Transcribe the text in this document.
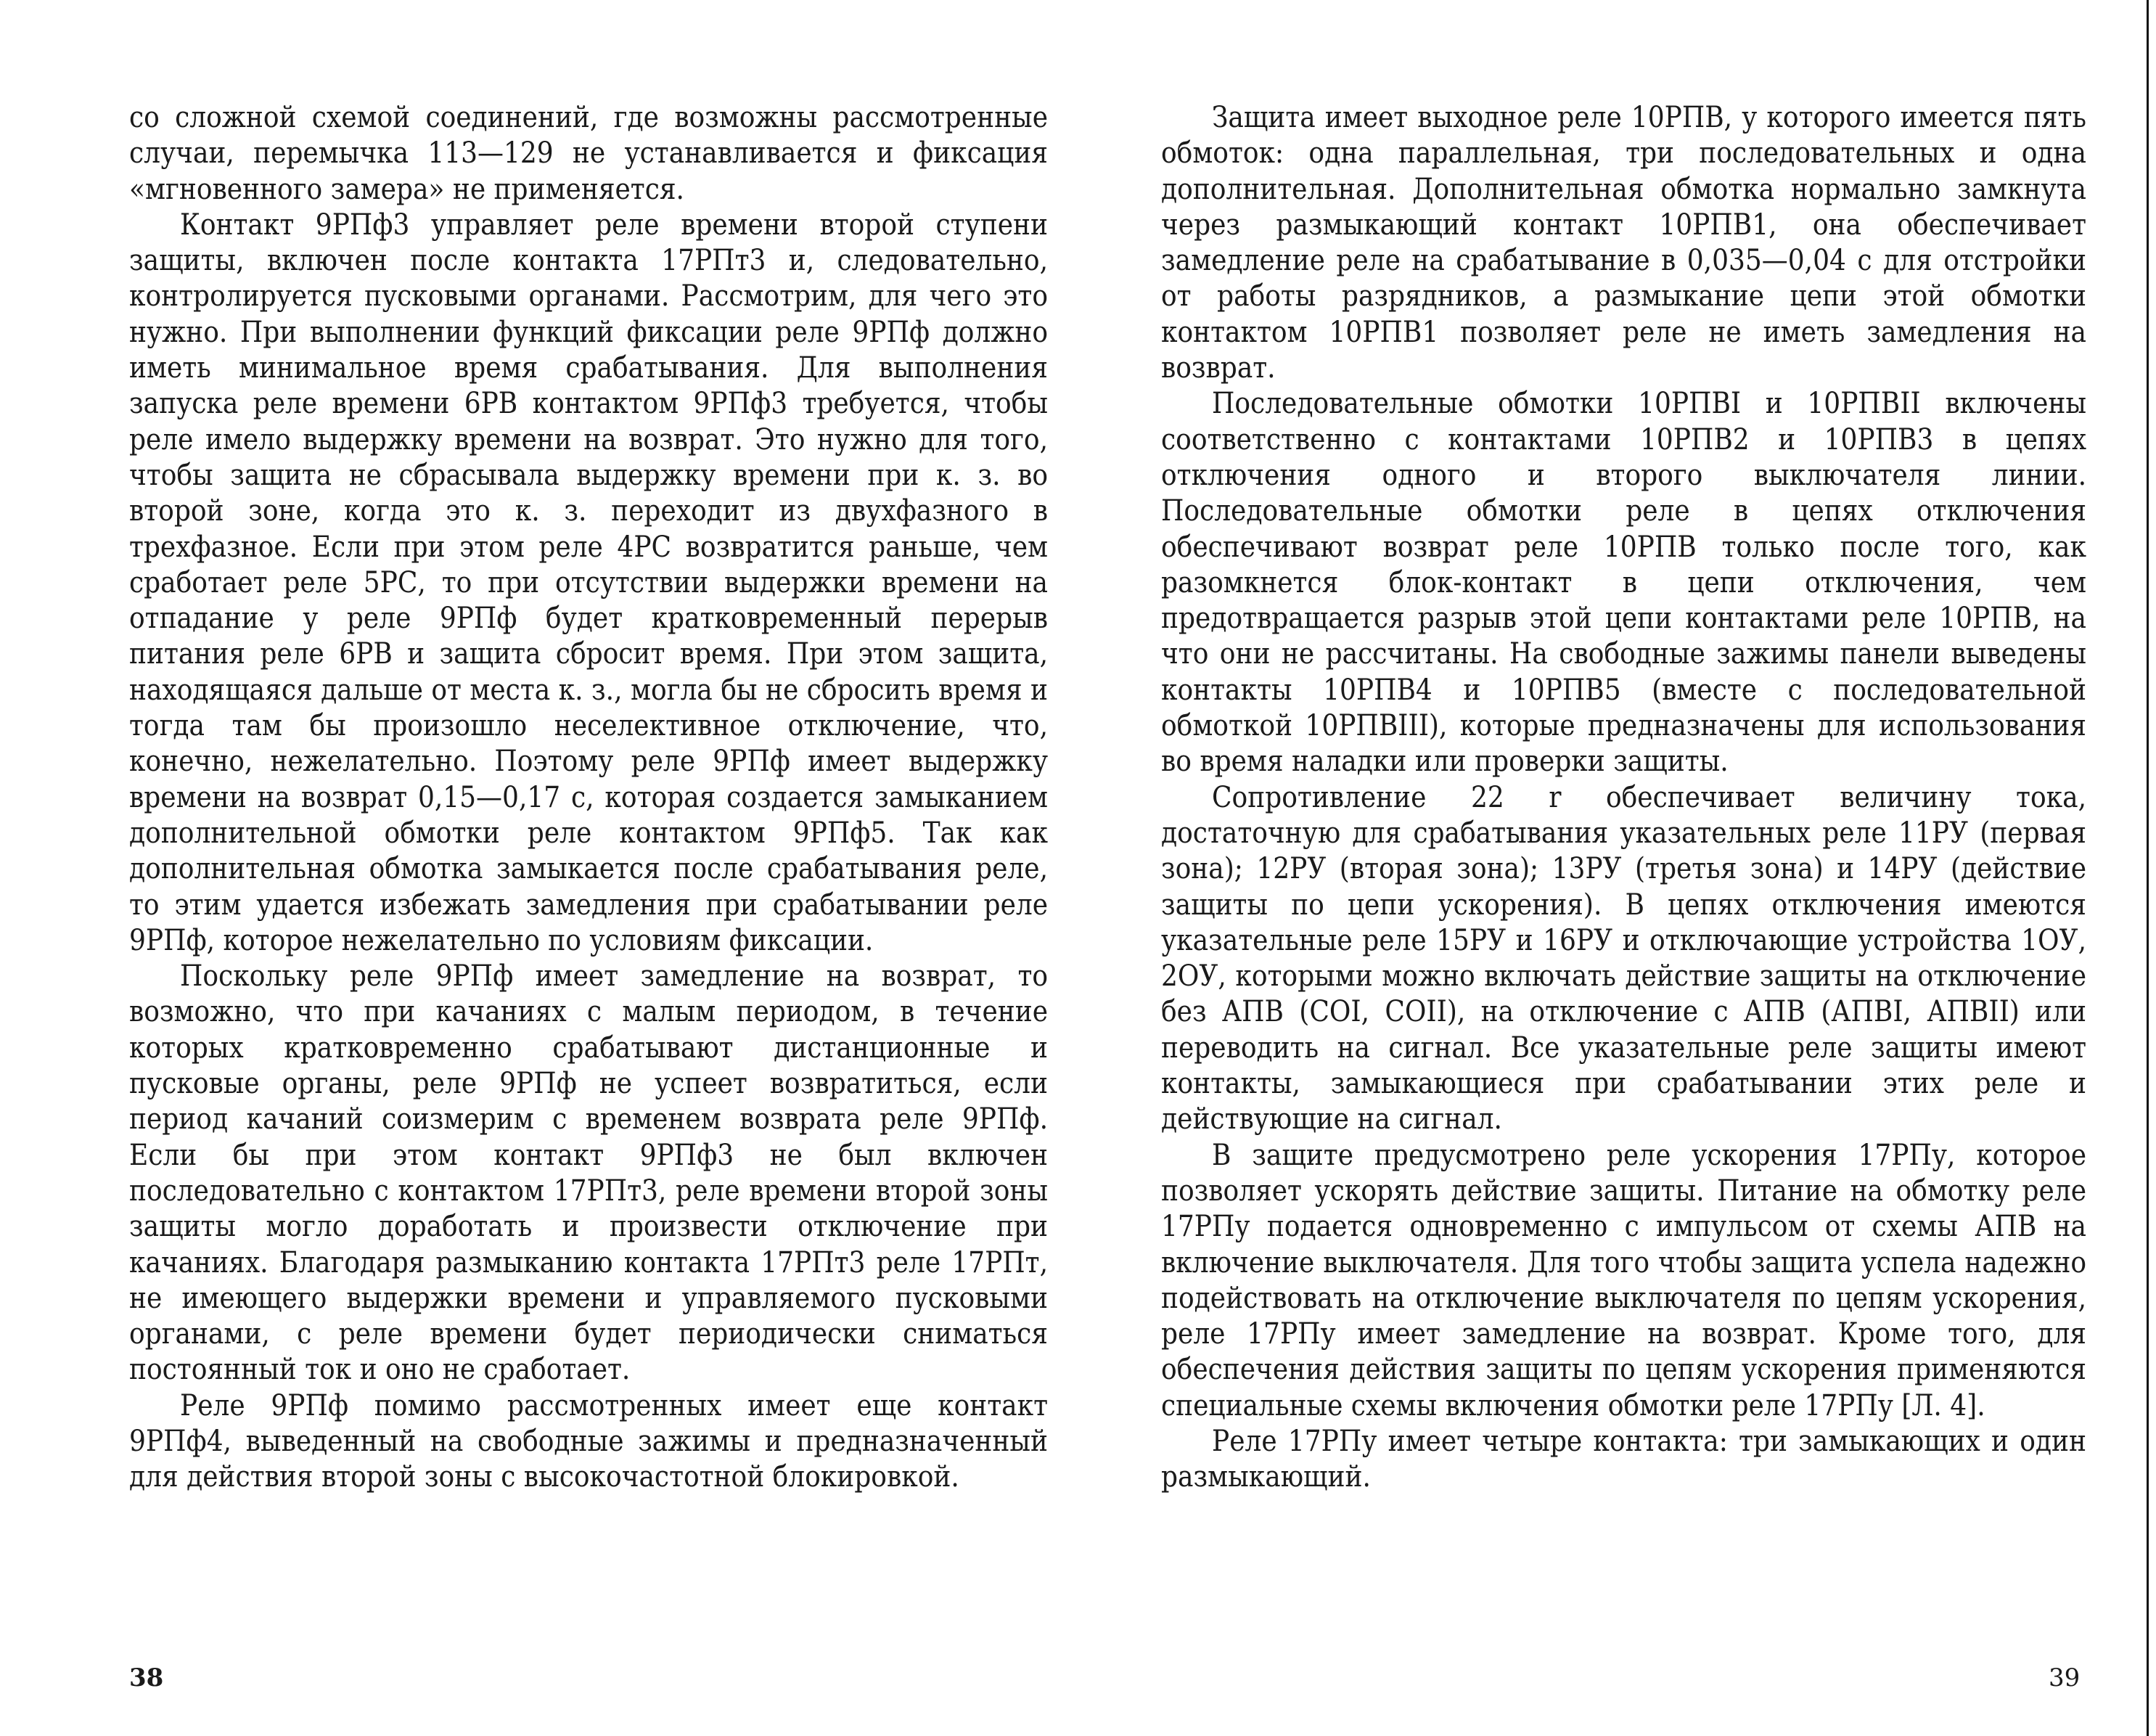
со сложной схемой соединений, где возможны рассмотренные случаи, перемычка 113—129 не устанавливается и фиксация «мгновенного замера» не применяется.

Контакт 9РПф3 управляет реле времени второй ступени защиты, включен после контакта 17РПт3 и, следовательно, контролируется пусковыми органами. Рассмотрим, для чего это нужно. При выполнении функций фиксации реле 9РПф должно иметь минимальное время срабатывания. Для выполнения запуска реле времени 6РВ контактом 9РПф3 требуется, чтобы реле имело выдержку времени на возврат. Это нужно для того, чтобы защита не сбрасывала выдержку времени при к. з. во второй зоне, когда это к. з. переходит из двухфазного в трехфазное. Если при этом реле 4РС возвратится раньше, чем сработает реле 5РС, то при отсутствии выдержки времени на отпадание у реле 9РПф будет кратковременный перерыв питания реле 6РВ и защита сбросит время. При этом защита, находящаяся дальше от места к. з., могла бы не сбросить время и тогда там бы произошло неселективное отключение, что, конечно, нежелательно. Поэтому реле 9РПф имеет выдержку времени на возврат 0,15—0,17 с, которая создается замыканием дополнительной обмотки реле контактом 9РПф5. Так как дополнительная обмотка замыкается после срабатывания реле, то этим удается избежать замедления при срабатывании реле 9РПф, которое нежелательно по условиям фиксации.

Поскольку реле 9РПф имеет замедление на возврат, то возможно, что при качаниях с малым периодом, в течение которых кратковременно срабатывают дистанционные и пусковые органы, реле 9РПф не успеет возвратиться, если период качаний соизмерим с временем возврата реле 9РПф. Если бы при этом контакт 9РПф3 не был включен последовательно с контактом 17РПт3, реле времени второй зоны защиты могло доработать и произвести отключение при качаниях. Благодаря размыканию контакта 17РПт3 реле 17РПт, не имеющего выдержки времени и управляемого пусковыми органами, с реле времени будет периодически сниматься постоянный ток и оно не сработает.

Реле 9РПф помимо рассмотренных имеет еще контакт 9РПф4, выведенный на свободные зажимы и предназначенный для действия второй зоны с высокочастотной блокировкой.

38

Защита имеет выходное реле 10РПВ, у которого имеется пять обмоток: одна параллельная, три последовательных и одна дополнительная. Дополнительная обмотка нормально замкнута через размыкающий контакт 10РПВ1, она обеспечивает замедление реле на срабатывание в 0,035—0,04 с для отстройки от работы разрядников, а размыкание цепи этой обмотки контактом 10РПВ1 позволяет реле не иметь замедления на возврат.

Последовательные обмотки 10РПВI и 10РПВII включены соответственно с контактами 10РПВ2 и 10РПВ3 в цепях отключения одного и второго выключателя линии. Последовательные обмотки реле в цепях отключения обеспечивают возврат реле 10РПВ только после того, как разомкнется блок-контакт в цепи отключения, чем предотвращается разрыв этой цепи контактами реле 10РПВ, на что они не рассчитаны. На свободные зажимы панели выведены контакты 10РПВ4 и 10РПВ5 (вместе с последовательной обмоткой 10РПВIII), которые предназначены для использования во время наладки или проверки защиты.

Сопротивление 22 r обеспечивает величину тока, достаточную для срабатывания указательных реле 11РУ (первая зона); 12РУ (вторая зона); 13РУ (третья зона) и 14РУ (действие защиты по цепи ускорения). В цепях отключения имеются указательные реле 15РУ и 16РУ и отключающие устройства 1ОУ, 2ОУ, которыми можно включать действие защиты на отключение без АПВ (СОI, СОII), на отключение с АПВ (АПВI, АПВII) или переводить на сигнал. Все указательные реле защиты имеют контакты, замыкающиеся при срабатывании этих реле и действующие на сигнал.

В защите предусмотрено реле ускорения 17РПу, которое позволяет ускорять действие защиты. Питание на обмотку реле 17РПу подается одновременно с импульсом от схемы АПВ на включение выключателя. Для того чтобы защита успела надежно подействовать на отключение выключателя по цепям ускорения, реле 17РПу имеет замедление на возврат. Кроме того, для обеспечения действия защиты по цепям ускорения применяются специальные схемы включения обмотки реле 17РПу [Л. 4].

Реле 17РПу имеет четыре контакта: три замыкающих и один размыкающий.

39
